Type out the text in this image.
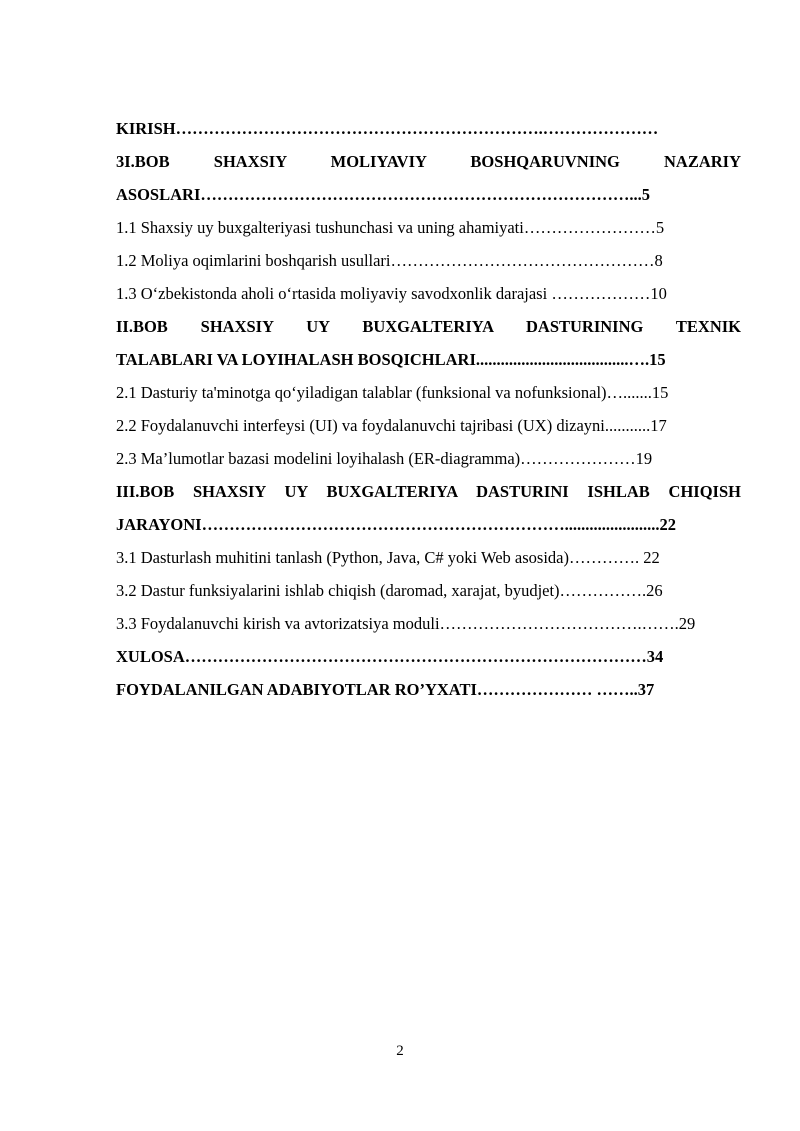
KIRISH………………………………………………………….…………………
3I.BOB SHAXSIY MOLIYAVIY BOSHQARUVNING NAZARIY
ASOSLARI……………………………………………………………………...5
1.1 Shaxsiy uy buxgalteriyasi tushunchasi va uning ahamiyati……………………5
1.2 Moliya oqimlarini boshqarish usullari…………………………………………8
1.3 O‘zbekistonda aholi o‘rtasida moliyaviy savodxonlik darajasi ………………10
II.BOB SHAXSIY UY BUXGALTERIYA DASTURINING TEXNIK
TALABLARI VA LOYIHALASH BOSQICHLARI.....................................….15
2.1 Dasturiy ta'minotga qo‘yiladigan talablar (funksional va nofunksional)….......15
2.2 Foydalanuvchi interfeysi (UI) va foydalanuvchi tajribasi (UX) dizayni...........17
2.3 Ma’lumotlar bazasi modelini loyihalash (ER-diagramma)…………………19
III.BOB SHAXSIY UY BUXGALTERIYA DASTURINI ISHLAB CHIQISH
JARAYONI………………………………………………………….......................22
3.1 Dasturlash muhitini tanlash (Python, Java, C# yoki Web asosida)…………. 22
3.2 Dastur funksiyalarini ishlab chiqish (daromad, xarajat, byudjet)…………….26
3.3 Foydalanuvchi kirish va avtorizatsiya moduli……………………………….…….29
XULOSA…………………………………………………………………………34
FOYDALANILGAN ADABIYOTLAR RO’YXATI………………… ……..37
2
